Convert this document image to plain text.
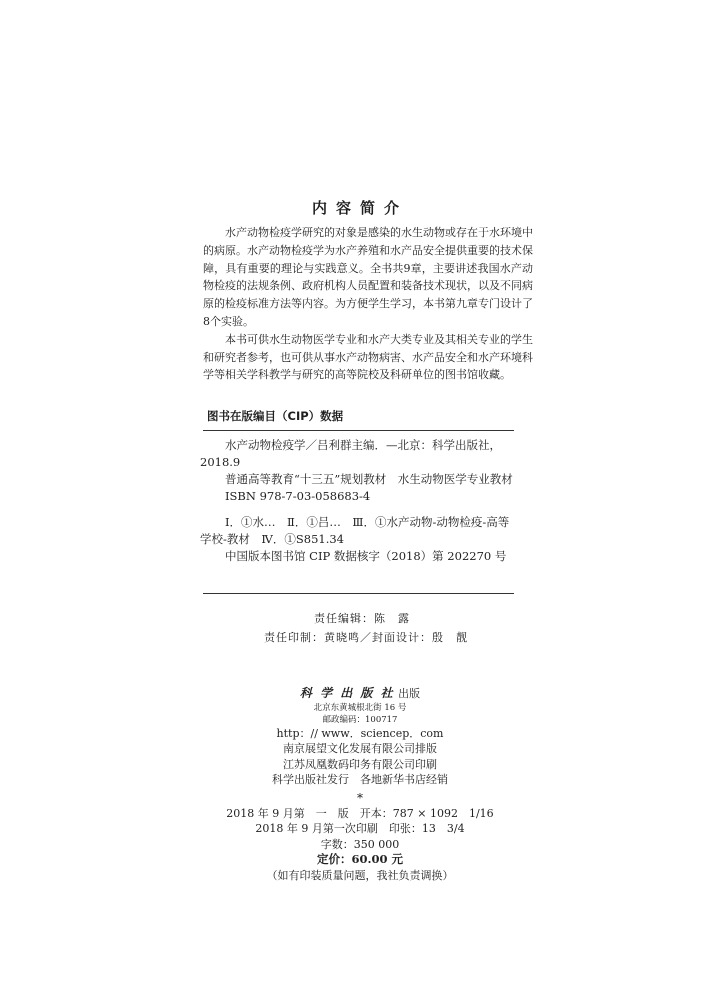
内容简介

水产动物检疫学研究的对象是感染的水生动物或存在于水环境中的病原。水产动物检疫学为水产养殖和水产品安全提供重要的技术保障，具有重要的理论与实践意义。全书共9章，主要讲述我国水产动物检疫的法规条例、政府机构人员配置和装备技术现状，以及不同病原的检疫标准方法等内容。为方便学生学习，本书第九章专门设计了8个实验。

本书可供水生动物医学专业和水产大类专业及其相关专业的学生和研究者参考，也可供从事水产动物病害、水产品安全和水产环境科学等相关学科教学与研究的高等院校及科研单位的图书馆收藏。

图书在版编目（CIP）数据

水产动物检疫学／吕利群主编．—北京：科学出版社，2018.9

普通高等教育“十三五”规划教材　水生动物医学专业教材

ISBN 978-7-03-058683-4

Ⅰ．①水…　Ⅱ．①吕…　Ⅲ．①水产动物-动物检疫-高等学校-教材　Ⅳ．①S851.34

中国版本图书馆 CIP 数据核字（2018）第 202270 号

责任编辑：陈　露
责任印制：黄晓鸣／封面设计：殷　靓
科 学 出 版 社 出版
北京东黄城根北街 16 号
邮政编码：100717
http：// www．sciencep．com
南京展望文化发展有限公司排版
江苏凤凰数码印务有限公司印刷
科学出版社发行　各地新华书店经销
*
2018 年 9 月第　一　版　开本：787 × 1092　1/16
2018 年 9 月第一次印刷　印张：13　3/4
字数：350 000
定价：60.00 元
（如有印装质量问题，我社负责调换）
